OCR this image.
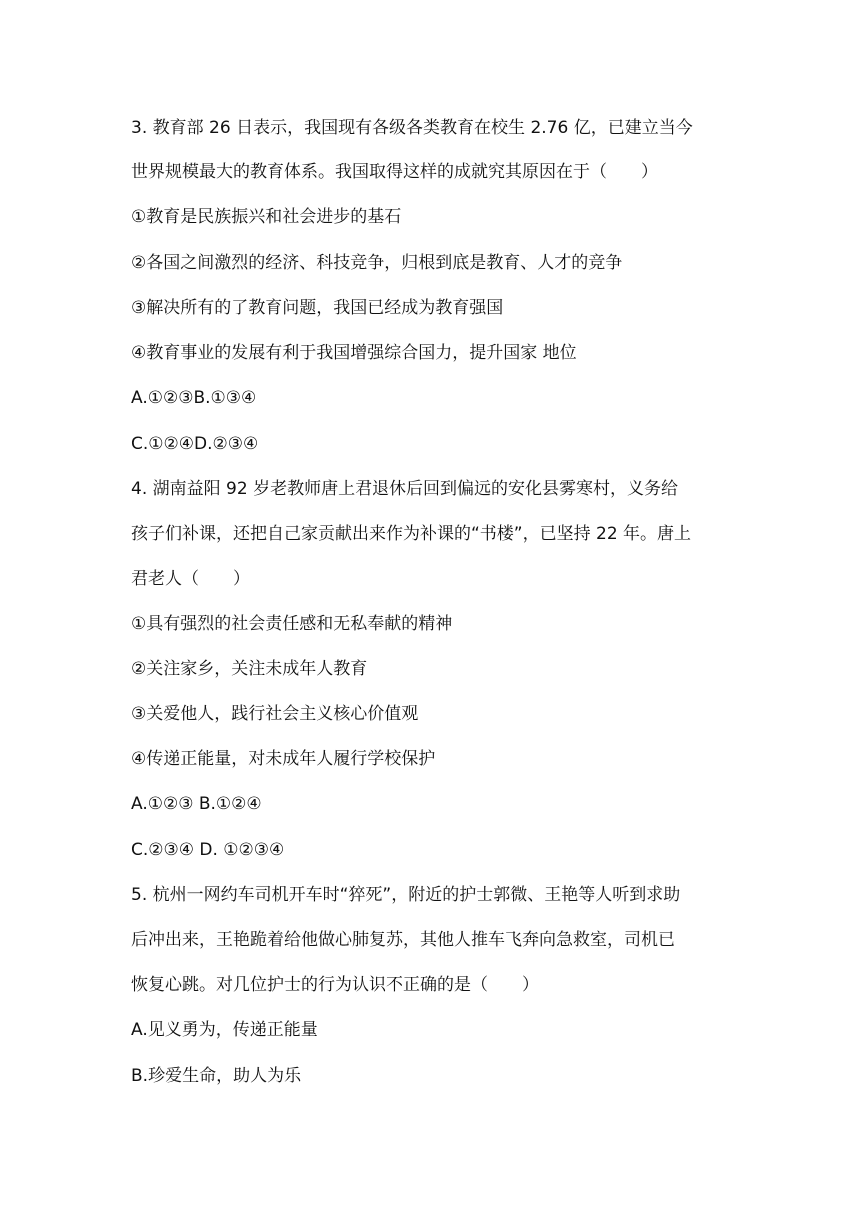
3. 教育部 26 日表示，我国现有各级各类教育在校生 2.76 亿，已建立当今
世界规模最大的教育体系。我国取得这样的成就究其原因在于（　　）
①教育是民族振兴和社会进步的基石
②各国之间激烈的经济、科技竞争，归根到底是教育、人才的竞争
③解决所有的了教育问题，我国已经成为教育强国
④教育事业的发展有利于我国增强综合国力，提升国家 地位
A.①②③B.①③④
C.①②④D.②③④
4. 湖南益阳 92 岁老教师唐上君退休后回到偏远的安化县雾寒村，义务给
孩子们补课，还把自己家贡献出来作为补课的“书楼”，已坚持 22 年。唐上
君老人（　　）
①具有强烈的社会责任感和无私奉献的精神
②关注家乡，关注未成年人教育
③关爱他人，践行社会主义核心价值观
④传递正能量，对未成年人履行学校保护
A.①②③ B.①②④
C.②③④ D. ①②③④
5. 杭州一网约车司机开车时“猝死”，附近的护士郭微、王艳等人听到求助
后冲出来，王艳跪着给他做心肺复苏，其他人推车飞奔向急救室，司机已
恢复心跳。对几位护士的行为认识不正确的是（　　）
A.见义勇为，传递正能量
B.珍爱生命，助人为乐
